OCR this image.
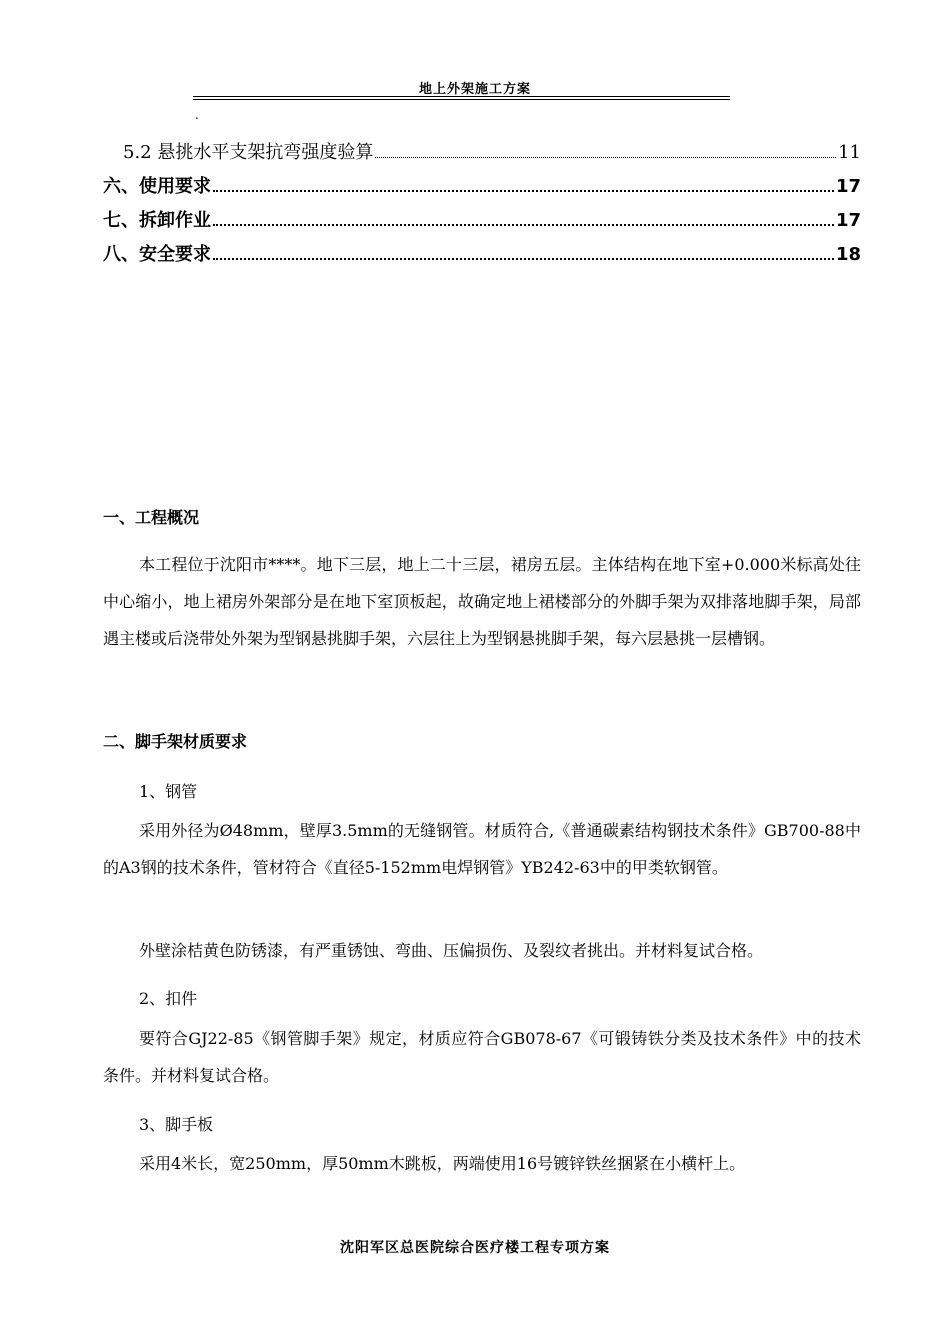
地上外架施工方案
.
5.2 悬挑水平支架抗弯强度验算	11
六、使用要求	17
七、拆卸作业	17
八、安全要求	18
一、工程概况
本工程位于沈阳市****。地下三层，地上二十三层，裙房五层。主体结构在地下室+0.000米标高处往中心缩小，地上裙房外架部分是在地下室顶板起，故确定地上裙楼部分的外脚手架为双排落地脚手架，局部遇主楼或后浇带处外架为型钢悬挑脚手架，六层往上为型钢悬挑脚手架，每六层悬挑一层槽钢。
二、脚手架材质要求
1、钢管
采用外径为Ø48mm，壁厚3.5mm的无缝钢管。材质符合,《普通碳素结构钢技术条件》GB700-88中的A3钢的技术条件，管材符合《直径5-152mm电焊钢管》YB242-63中的甲类软钢管。
外壁涂桔黄色防锈漆，有严重锈蚀、弯曲、压偏损伤、及裂纹者挑出。并材料复试合格。
2、扣件
要符合GJ22-85《钢管脚手架》规定，材质应符合GB078-67《可锻铸铁分类及技术条件》中的技术条件。并材料复试合格。
3、脚手板
采用4米长，宽250mm，厚50mm木跳板，两端使用16号镀锌铁丝捆紧在小横杆上。
沈阳军区总医院综合医疗楼工程专项方案
